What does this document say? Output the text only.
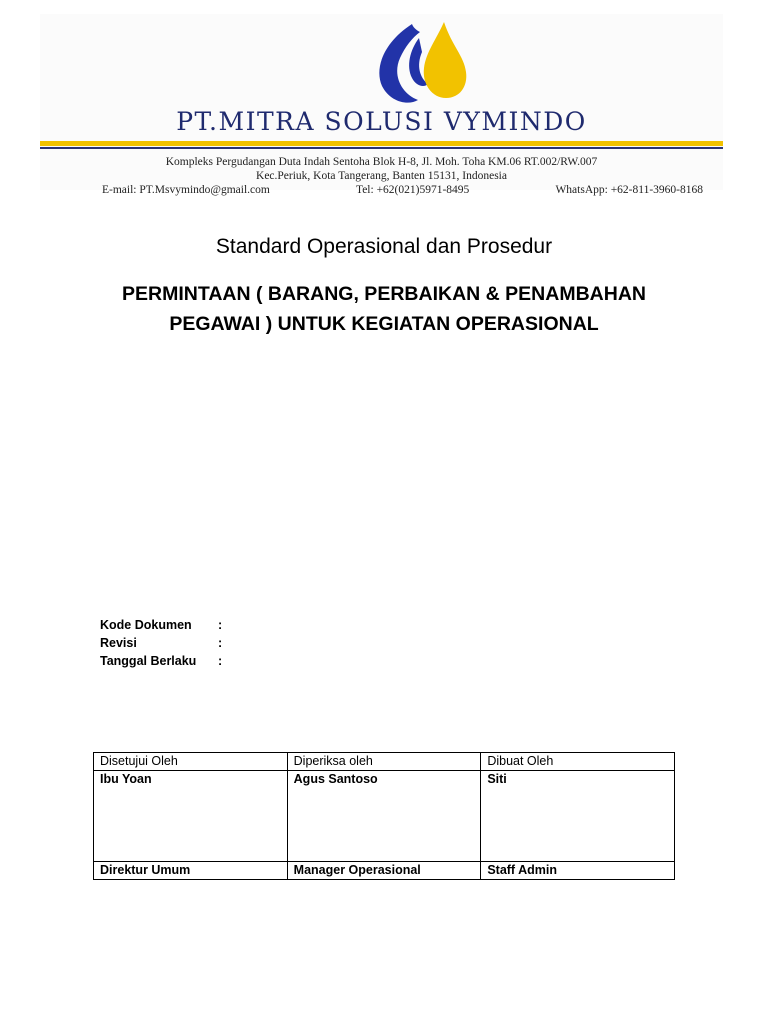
PT.MITRA SOLUSI VYMINDO
Kompleks Pergudangan Duta Indah Sentoha Blok H-8, Jl. Moh. Toha KM.06 RT.002/RW.007
Kec.Periuk, Kota Tangerang, Banten 15131, Indonesia
E-mail: PT.Msvymindo@gmail.com	Tel: +62(021)5971-8495	WhatsApp: +62-811-3960-8168
Standard Operasional dan Prosedur
PERMINTAAN ( BARANG, PERBAIKAN & PENAMBAHAN PEGAWAI ) UNTUK KEGIATAN OPERASIONAL
Kode Dokumen	:
Revisi	:
Tanggal Berlaku	:
Disetujui Oleh	Diperiksa oleh	Dibuat Oleh
Ibu Yoan	Agus Santoso	Siti
Direktur Umum	Manager Operasional	Staff Admin
